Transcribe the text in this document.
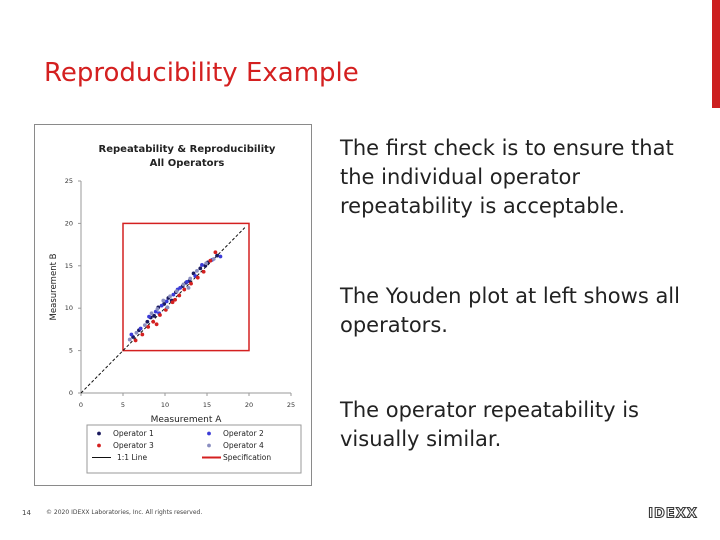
Reproducibility Example
Repeatability & Reproducibility
All Operators
0
0
5
5
10
10
15
15
20
20
25
25
Measurement A
Measurement B
Operator 1	Operator 2
Operator 3	Operator 4
1:1 Line	Specification
The first check is to ensure that the individual operator repeatability is acceptable.
The Youden plot at left shows all operators.
The operator repeatability is visually similar.
14	© 2020 IDEXX Laboratories, Inc. All rights reserved.	IDEXX
